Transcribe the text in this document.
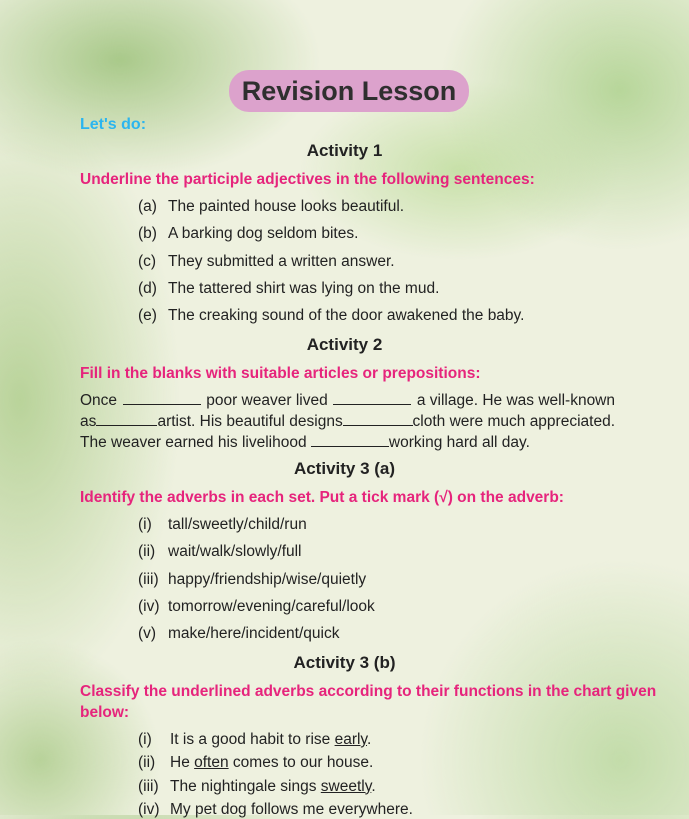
Revision Lesson
Let's do:
Activity 1
Underline the participle adjectives in the following sentences:
(a) The painted house looks beautiful.
(b) A barking dog seldom bites.
(c) They submitted a written answer.
(d) The tattered shirt was lying on the mud.
(e) The creaking sound of the door awakened the baby.
Activity 2
Fill in the blanks with suitable articles or prepositions:
Once	poor weaver lived	a village. He was well-known
as	artist. His beautiful designs	cloth were much appreciated.
The weaver earned his livelihood
	working hard all day.
Activity 3 (a)
Identify the adverbs in each set. Put a tick mark (√) on the adverb:
(i) tall/sweetly/child/run
(ii) wait/walk/slowly/full
(iii) happy/friendship/wise/quietly
(iv) tomorrow/evening/careful/look
(v) make/here/incident/quick
Activity 3 (b)
Classify the underlined adverbs according to their functions in the chart given below:
(i) It is a good habit to rise early.
(ii) He often comes to our house.
(iii) The nightingale sings sweetly.
(iv) My pet dog follows me everywhere.
